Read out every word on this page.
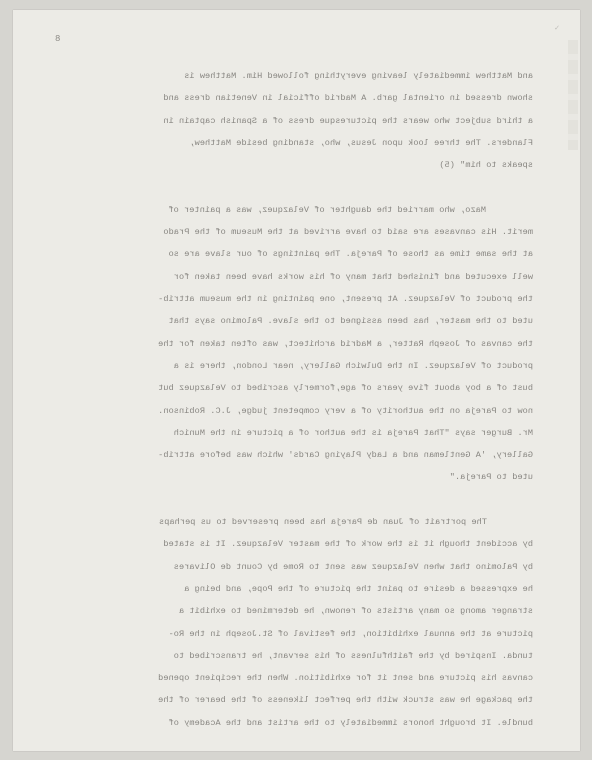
8
✓
and Matthew immediately leaving everything followed Him. Matthew is
shown dressed in oriental garb. A Madrid official in Venetian dress and
a third subject who wears the picturesque dress of a Spanish captain in
Flanders. The three look upon Jesus, who, standing beside Matthew,
speaks to him" (5)
Mazo, who married the daughter of Velazquez, was a painter of
merit. His canvases are said to have arrived at the Museum of the Prado
at the same time as those of Pareja. The paintings of our slave are so
well executed and finished that many of his works have been taken for
the product of Velazquez. At present, one painting in the museum attrib-
uted to the master, has been assigned to the slave. Palomino says that
the canvas of Joseph Ratter, a Madrid architect, was often taken for the
product of Velazquez. In the Dulwich Gallery, near London, there is a
bust of a boy about five years of age,formerly ascribed to Velazquez but
now to Pareja on the authority of a very competent judge, J.C. Robinson.
Mr. Burger says "That Pareja is the author of a picture in the Munich
Gallery, 'A Gentleman and a Lady Playing Cards' which was before attrib-
uted to Pareja."
The portrait of Juan de Pareja has been preserved to us perhaps
by accident though it is the work of the master Velazquez. It is stated
by Palomino that when Velazquez was sent to Rome by Count de Olivares
he expressed a desire to paint the picture of the Pope, and being a
stranger among so many artists of renown, he determined to exhibit a
picture at the annual exhibition, the festival of St.Joseph in the Ro-
tunda. Inspired by the faithfulness of his servant, he transcribed to
canvas his picture and sent it for exhibition. When the recipient opened
the package he was struck with the perfect likeness of the bearer of the
bundle. It brought honors immediately to the artist and the Academy of
